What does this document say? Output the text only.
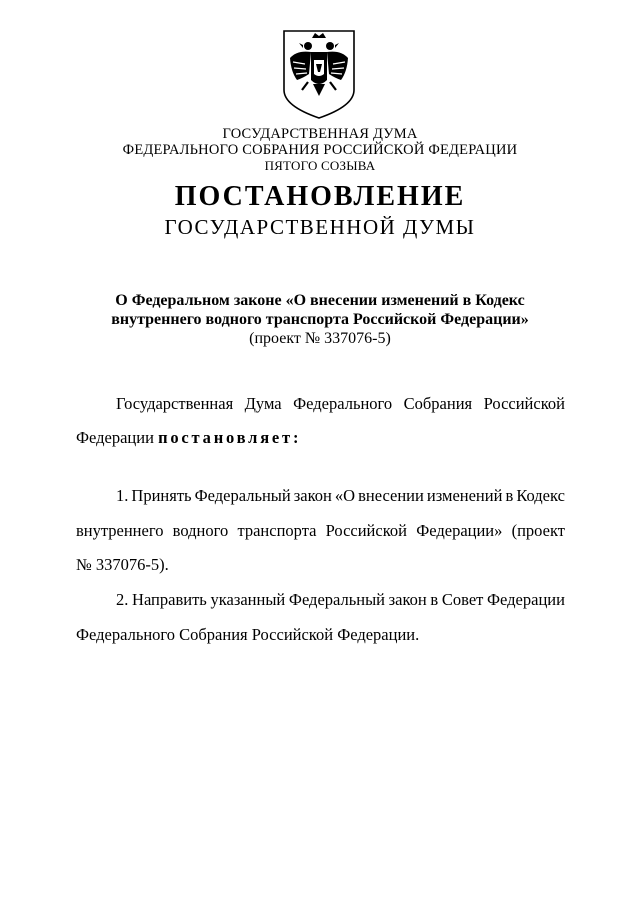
ГОСУДАРСТВЕННАЯ ДУМА
ФЕДЕРАЛЬНОГО СОБРАНИЯ РОССИЙСКОЙ ФЕДЕРАЦИИ
ПЯТОГО СОЗЫВА
ПОСТАНОВЛЕНИЕ
ГОСУДАРСТВЕННОЙ ДУМЫ
О Федеральном законе «О внесении изменений в Кодекс
внутреннего водного транспорта Российской Федерации»
(проект № 337076-5)
Государственная Дума Федерального Собрания Российской
Федерации постановляет:
1. Принять Федеральный закон «О внесении изменений в Кодекс
внутреннего водного транспорта Российской Федерации» (проект
№ 337076-5).
2. Направить указанный Федеральный закон в Совет Федерации
Федерального Собрания Российской Федерации.
